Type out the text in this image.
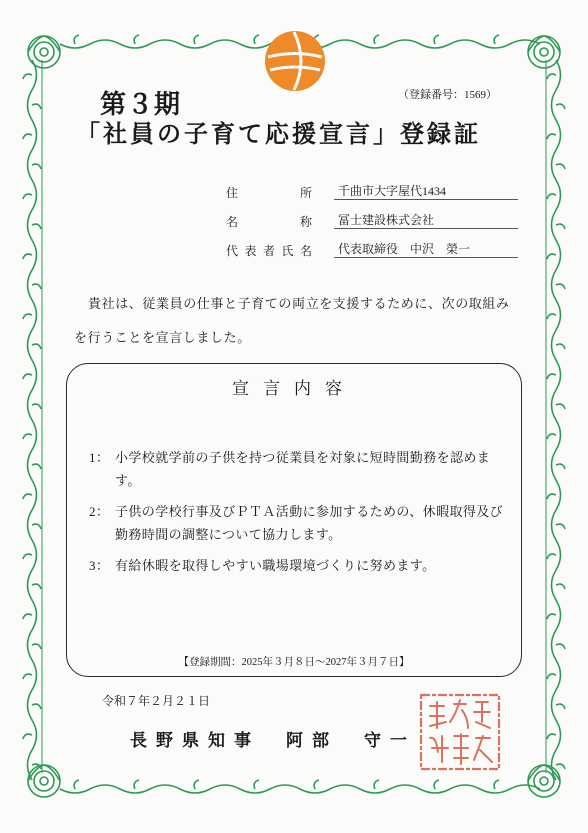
第３期	（登録番号：1569）
「社員の子育て応援宣言」登録証
住	所	千曲市大字屋代1434
名	称	冨士建設株式会社
代 表 者 氏 名	代表取締役　中沢　榮一
貴社は、従業員の仕事と子育ての両立を支援するために、次の取組み
を行うことを宣言しました。
宣言内容
1： 小学校就学前の子供を持つ従業員を対象に短時間勤務を認めます。
2： 子供の学校行事及びＰＴＡ活動に参加するための、休暇取得及び勤務時間の調整について協力します。
3： 有給休暇を取得しやすい職場環境づくりに努めます。
【登録期間：2025年３月８日～2027年３月７日】
令和７年２月２１日
長野県知事　阿部　守一
